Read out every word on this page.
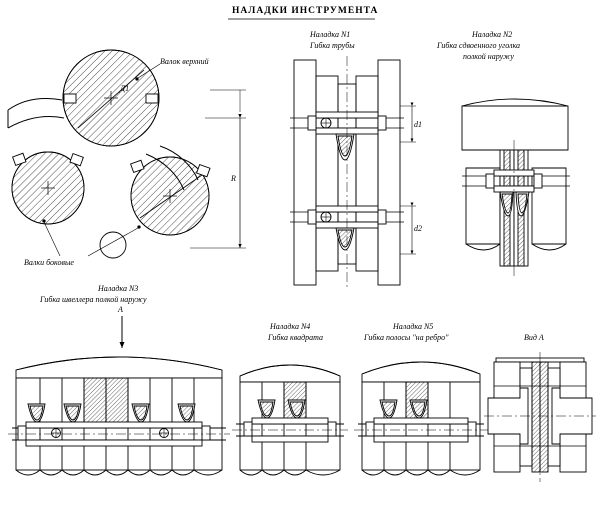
НАЛАДКИ ИНСТРУМЕНТА
Валок верхний
Валки боковые
Д1
R
Наладка N1
Гибка трубы
d1
d2
Наладка N2
Гибка сдвоенного уголка
полкой наружу
Наладка N3
Гибка швеллера полкой наружу
А
Наладка N4
Гибка квадрата
Наладка N5
Гибка полосы "на ребро"	Вид А
